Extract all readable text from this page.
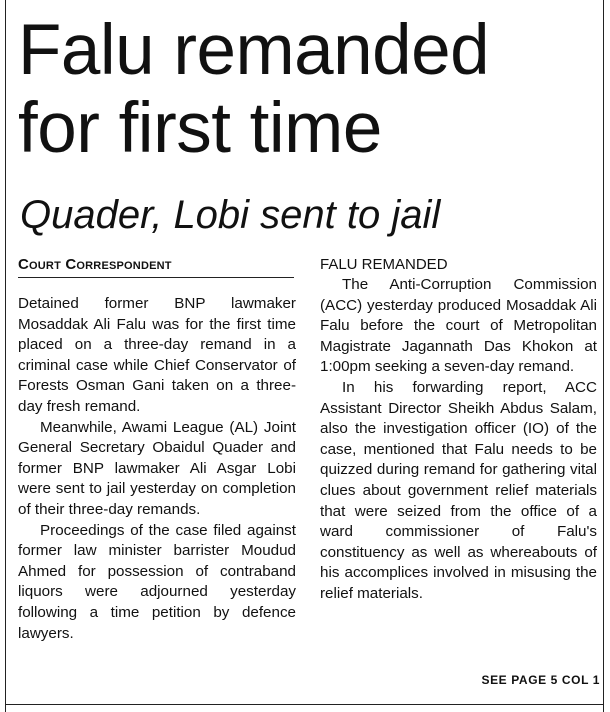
Falu remanded
for first time
Quader, Lobi sent to jail
Court Correspondent

Detained former BNP lawmaker Mosaddak Ali Falu was for the first time placed on a three-day remand in a criminal case while Chief Conservator of Forests Osman Gani taken on a three-day fresh remand.

Meanwhile, Awami League (AL) Joint General Secretary Obaidul Quader and former BNP lawmaker Ali Asgar Lobi were sent to jail yesterday on completion of their three-day remands.

Proceedings of the case filed against former law minister barrister Moudud Ahmed for possession of contraband liquors were adjourned yesterday following a time petition by defence lawyers.

FALU REMANDED

The Anti-Corruption Commission (ACC) yesterday produced Mosaddak Ali Falu before the court of Metropolitan Magistrate Jagannath Das Khokon at 1:00pm seeking a seven-day remand.

In his forwarding report, ACC Assistant Director Sheikh Abdus Salam, also the investigation officer (IO) of the case, mentioned that Falu needs to be quizzed during remand for gathering vital clues about government relief materials that were seized from the office of a ward commissioner of Falu's constituency as well as whereabouts of his accomplices involved in misusing the relief materials.

SEE PAGE 5 COL 1
